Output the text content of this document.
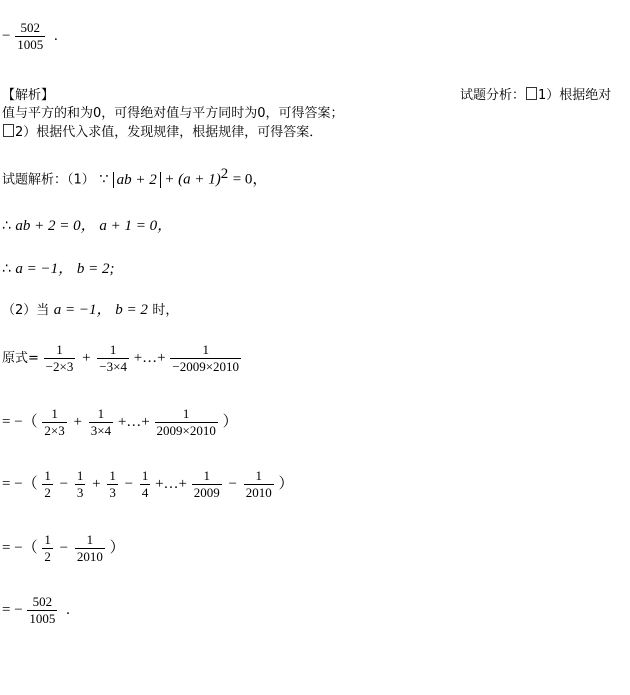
− $\frac{502}{1005}$ .
【解析】	试题分析： 1）根据绝对
值与平方的和为0，可得绝对值与平方同时为0，可得答案；
2）根据代入求值，发现规律，根据规律，可得答案．
试题解析：（1） ∵ ab + $2 + (a + 1)^2 = 0$，
∴ ab + 2 = 0， a + 1 = 0，
∴ a = −1， b = 2;
（2）当 a = −1， b = 2 时，
原式= $\frac{1}{-2\times 3} + \frac{1}{-3\times 4}$ +…+ $\frac{1}{-2009\times 2010}$
= −（ $\frac{1}{2\times 3} + \frac{1}{3\times 4}$ +…+ $\frac{1}{2009\times 2010}$ ）
= −（ $\frac{1}{2} - \frac{1}{3} + \frac{1}{3} - \frac{1}{4}$ +…+ $\frac{1}{2009} - \frac{1}{2010}$ ）
= −（ $\frac{1}{2} - \frac{1}{2010}$ ）
= − $\frac{502}{1005}$ .
